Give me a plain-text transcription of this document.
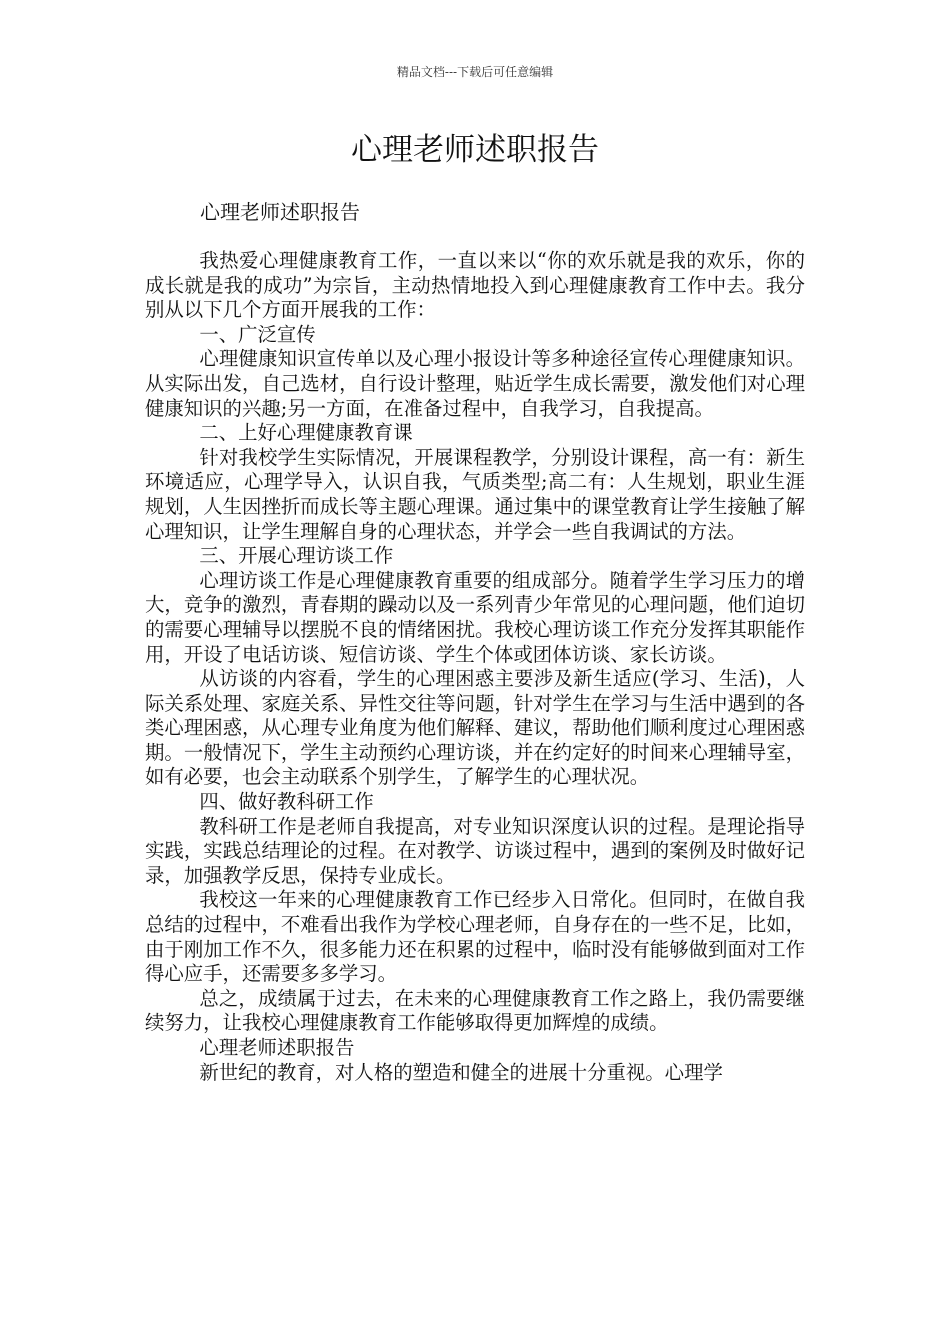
精品文档---下载后可任意编辑
心理老师述职报告

心理老师述职报告

我热爱心理健康教育工作，一直以来以“你的欢乐就是我的欢乐，你的成长就是我的成功”为宗旨，主动热情地投入到心理健康教育工作中去。我分别从以下几个方面开展我的工作：

一、广泛宣传

心理健康知识宣传单以及心理小报设计等多种途径宣传心理健康知识。从实际出发，自己选材，自行设计整理，贴近学生成长需要，激发他们对心理健康知识的兴趣;另一方面，在准备过程中，自我学习，自我提高。

二、上好心理健康教育课

针对我校学生实际情况，开展课程教学，分别设计课程，高一有：新生环境适应，心理学导入，认识自我，气质类型;高二有：人生规划，职业生涯规划，人生因挫折而成长等主题心理课。通过集中的课堂教育让学生接触了解心理知识，让学生理解自身的心理状态，并学会一些自我调试的方法。

三、开展心理访谈工作

心理访谈工作是心理健康教育重要的组成部分。随着学生学习压力的增大，竞争的激烈，青春期的躁动以及一系列青少年常见的心理问题，他们迫切的需要心理辅导以摆脱不良的情绪困扰。我校心理访谈工作充分发挥其职能作用，开设了电话访谈、短信访谈、学生个体或团体访谈、家长访谈。

从访谈的内容看，学生的心理困惑主要涉及新生适应(学习、生活)，人际关系处理、家庭关系、异性交往等问题，针对学生在学习与生活中遇到的各类心理困惑，从心理专业角度为他们解释、建议，帮助他们顺利度过心理困惑期。一般情况下，学生主动预约心理访谈，并在约定好的时间来心理辅导室，如有必要，也会主动联系个别学生，了解学生的心理状况。

四、做好教科研工作

教科研工作是老师自我提高，对专业知识深度认识的过程。是理论指导实践，实践总结理论的过程。在对教学、访谈过程中，遇到的案例及时做好记录，加强教学反思，保持专业成长。

我校这一年来的心理健康教育工作已经步入日常化。但同时，在做自我总结的过程中，不难看出我作为学校心理老师，自身存在的一些不足，比如，由于刚加工作不久，很多能力还在积累的过程中，临时没有能够做到面对工作得心应手，还需要多多学习。

总之，成绩属于过去，在未来的心理健康教育工作之路上，我仍需要继续努力，让我校心理健康教育工作能够取得更加辉煌的成绩。

心理老师述职报告

新世纪的教育，对人格的塑造和健全的进展十分重视。心理学
